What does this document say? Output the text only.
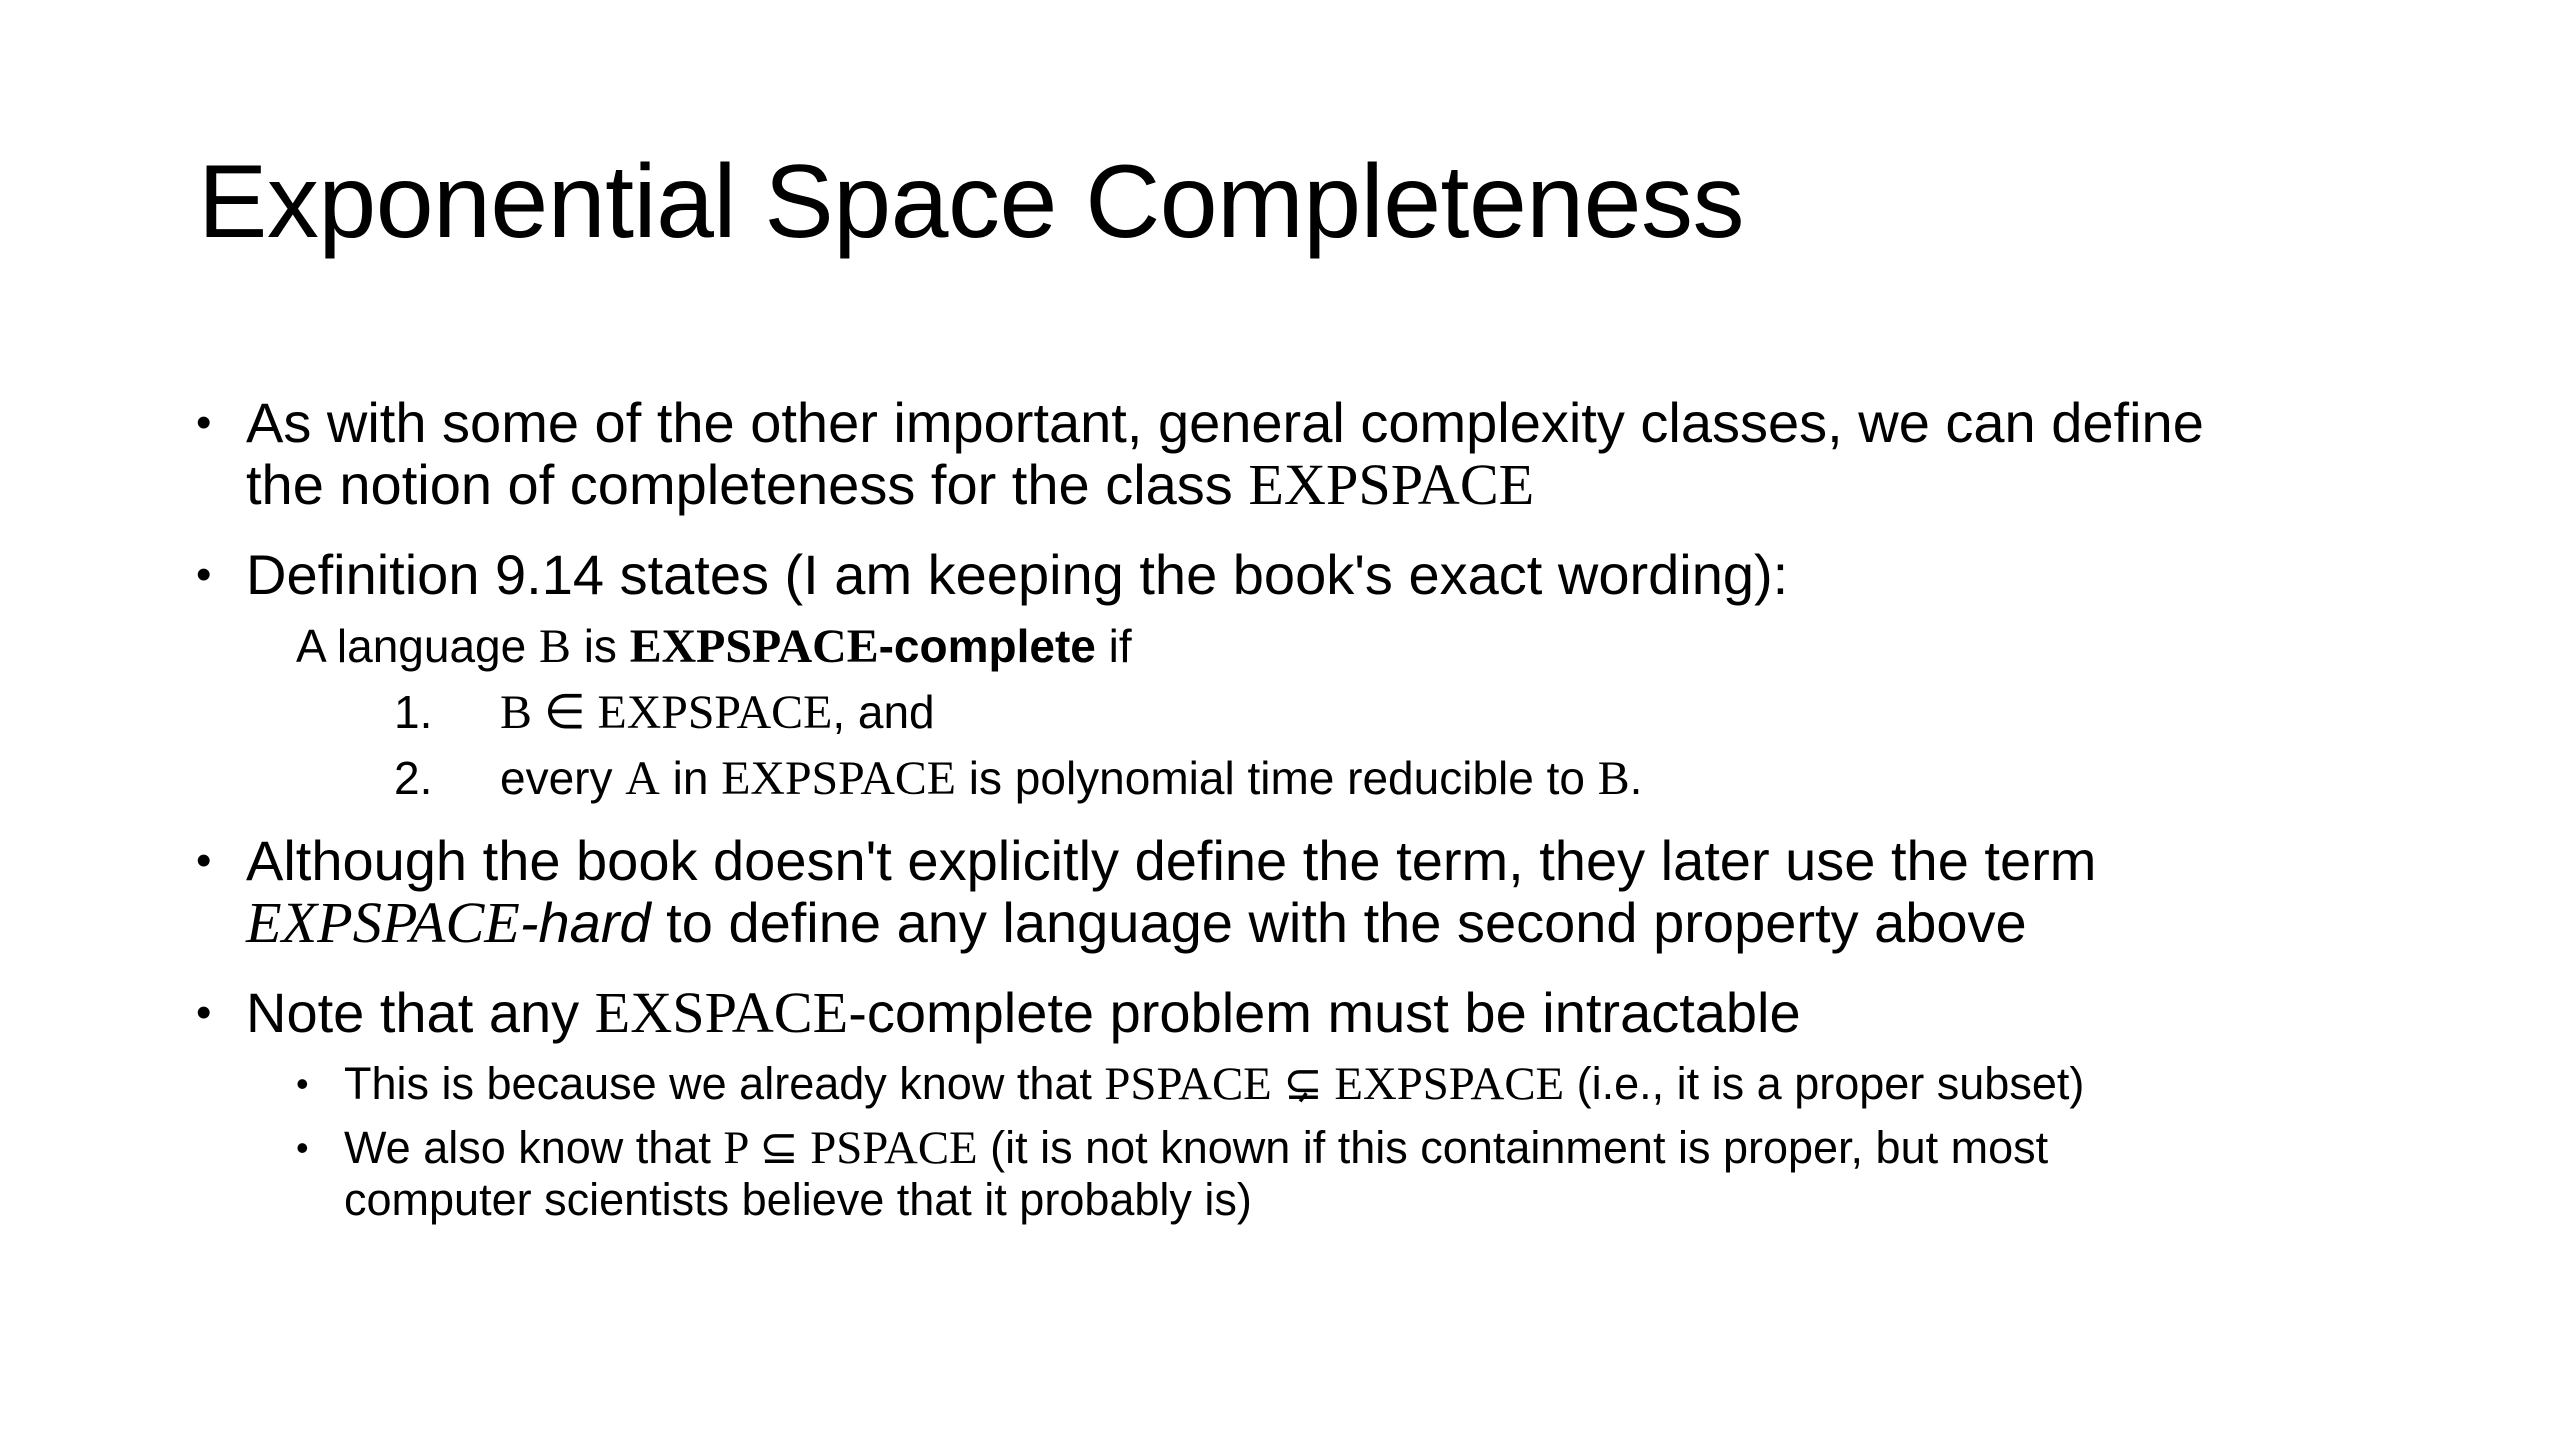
Exponential Space Completeness
• As with some of the other important, general complexity classes, we can define
the notion of completeness for the class EXPSPACE
• Definition 9.14 states (I am keeping the book's exact wording):
A language B is EXPSPACE-complete if
1. B ∈ EXPSPACE, and
2. every A in EXPSPACE is polynomial time reducible to B.
• Although the book doesn't explicitly define the term, they later use the term
EXPSPACE-hard to define any language with the second property above
• Note that any EXSPACE-complete problem must be intractable
• This is because we already know that PSPACE ⊊ EXPSPACE (i.e., it is a proper subset)
• We also know that P ⊆ PSPACE (it is not known if this containment is proper, but most
computer scientists believe that it probably is)
